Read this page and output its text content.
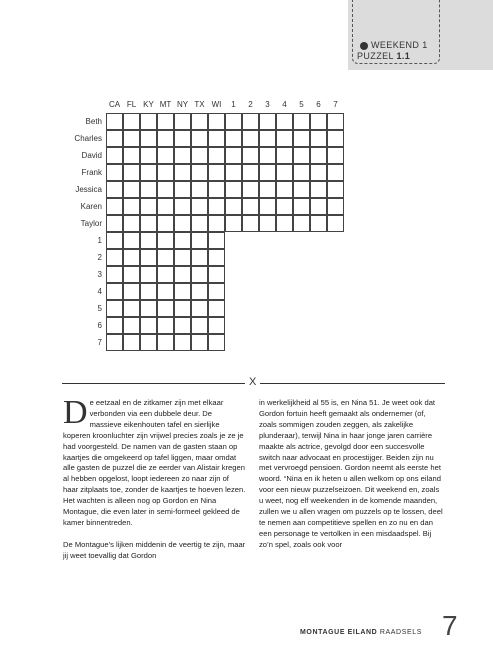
WEEKEND 1
PUZZEL 1.1
CA FL KY MT NY TX WI	1	2	3	4	5	6	7
Beth
Charles
David
Frank
Jessica
Karen
Taylor
1
2
3
4
5
6
7
X

De eetzaal en de zitkamer zijn met elkaar verbonden via een dubbele deur. De massieve eikenhouten tafel en sierlijke koperen kroonluchter zijn vrijwel precies zoals je ze je had voorgesteld. De namen van de gasten staan op kaartjes die omgekeerd op tafel liggen, maar omdat alle gasten de puzzel die ze eerder van Alistair kregen al hebben opgelost, loopt iedereen zo naar zijn of haar zitplaats toe, zonder de kaartjes te hoeven lezen. Het wachten is alleen nog op Gordon en Nina Montague, die even later in semi-formeel gekleed de kamer binnentreden.

De Montague’s lijken middenin de veertig te zijn, maar jij weet toevallig dat Gordon

in werkelijkheid al 55 is, en Nina 51. Je weet ook dat Gordon fortuin heeft gemaakt als ondernemer (of, zoals sommigen zouden zeggen, als zakelijke plunderaar), terwijl Nina in haar jonge jaren carrière maakte als actrice, gevolgd door een succesvolle switch naar advocaat en procestijger. Beiden zijn nu met vervroegd pensioen. Gordon neemt als eerste het woord. “Nina en ik heten u allen welkom op ons eiland voor een nieuw puzzelseizoen. Dit weekend en, zoals u weet, nog elf weekenden in de komende maanden, zullen we u allen vragen om puzzels op te lossen, deel te nemen aan competitieve spellen en zo nu en dan een personage te vertolken in een misdaadspel. Bij zo’n spel, zoals ook voor

MONTAGUE EILAND RAADSELS 7
